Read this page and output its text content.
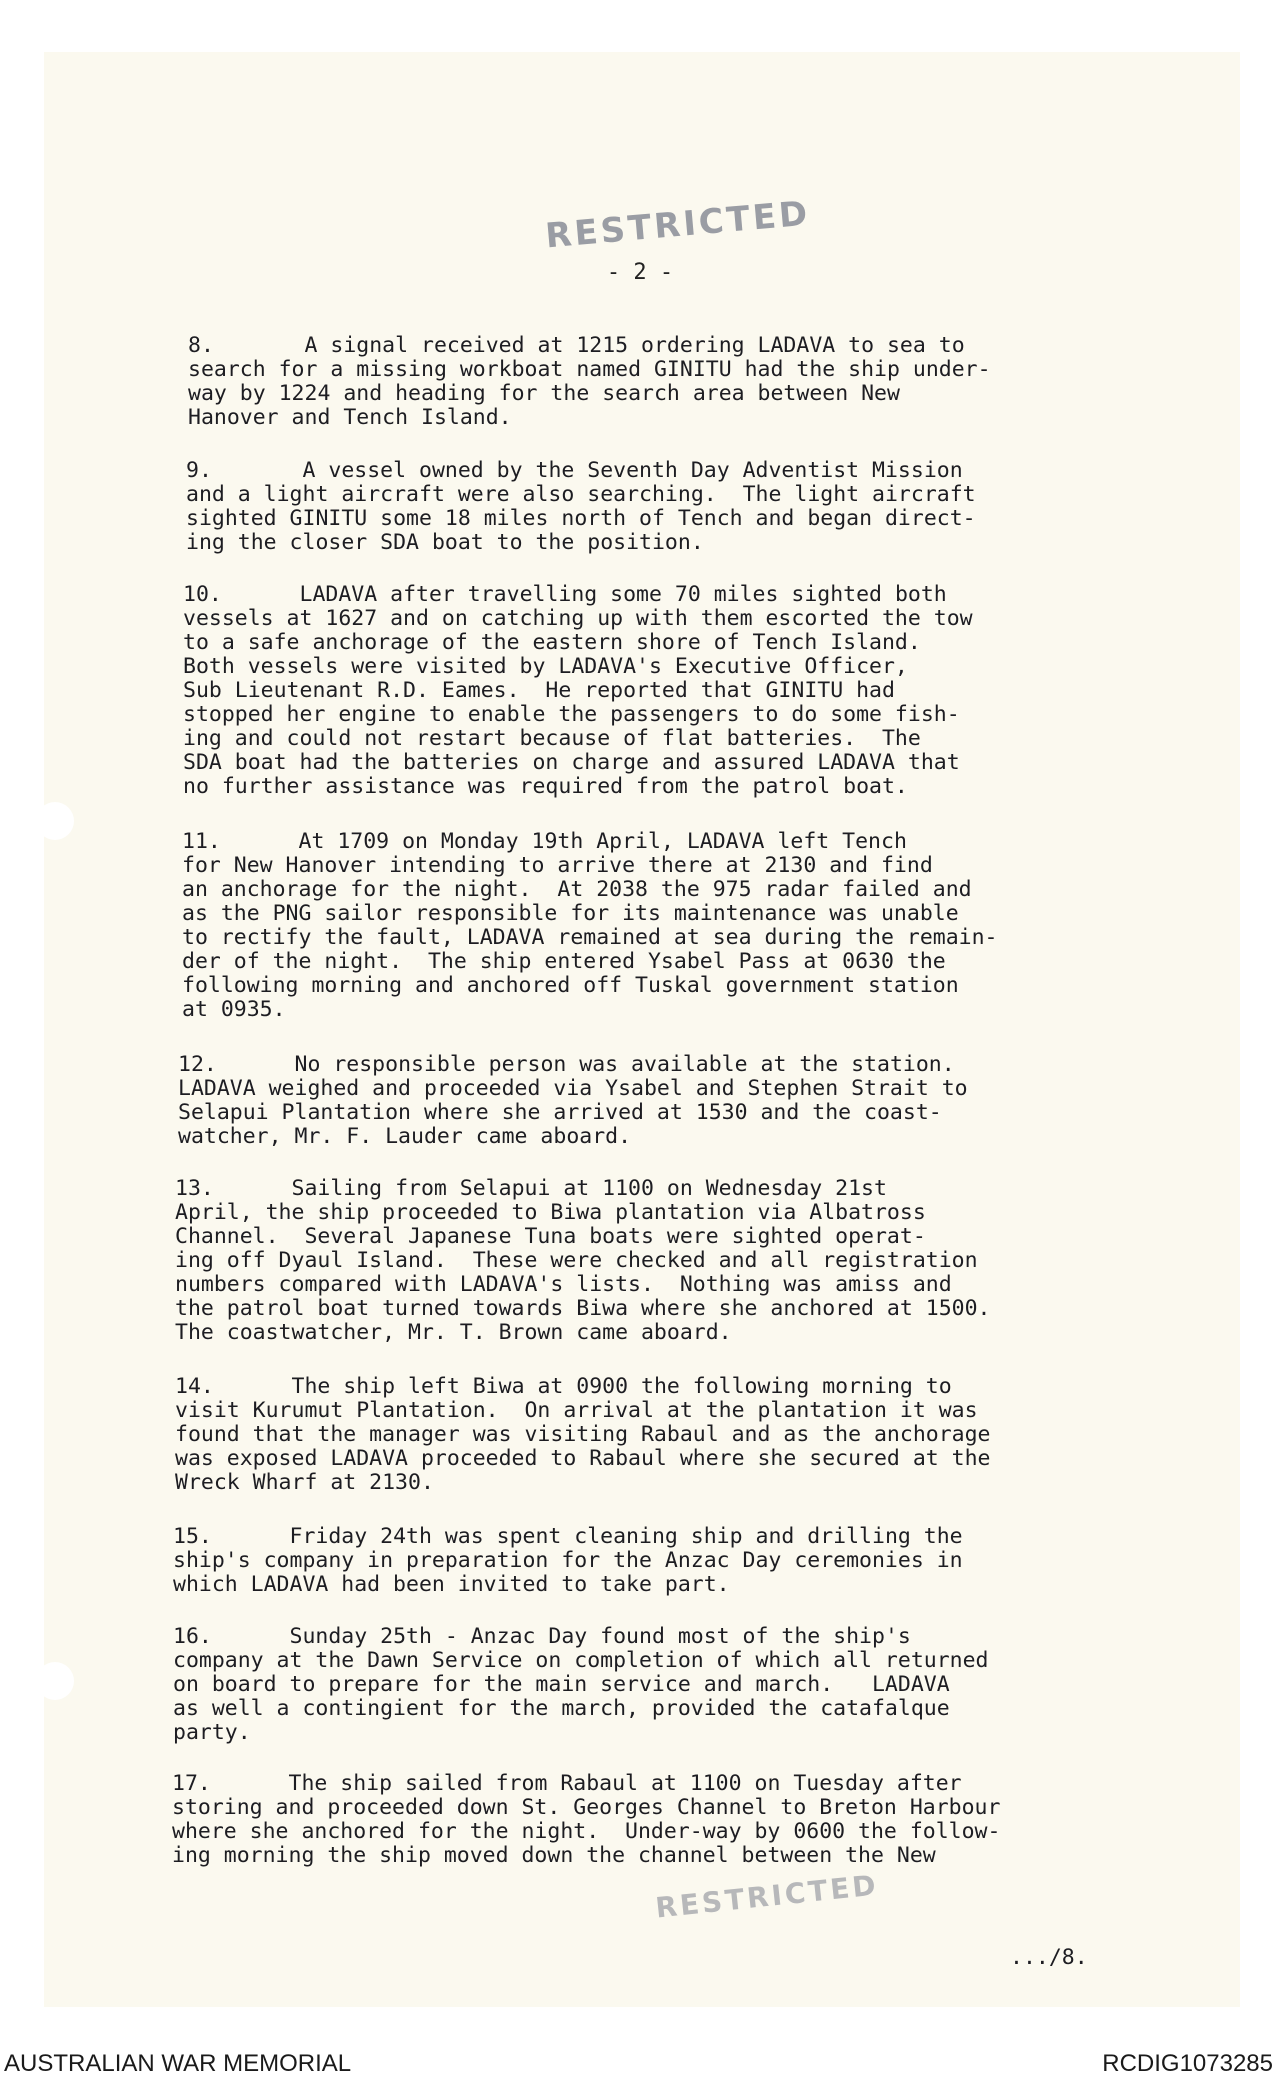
RESTRICTED
- 2 -
8.	A signal received at 1215 ordering LADAVA to sea to
search for a missing workboat named GINITU had the ship under-
way by 1224 and heading for the search area between New
Hanover and Tench Island.
9.	A vessel owned by the Seventh Day Adventist Mission
and a light aircraft were also searching.  The light aircraft
sighted GINITU some 18 miles north of Tench and began direct-
ing the closer SDA boat to the position.
10.	LADAVA after travelling some 70 miles sighted both
vessels at 1627 and on catching up with them escorted the tow
to a safe anchorage of the eastern shore of Tench Island.
Both vessels were visited by LADAVA's Executive Officer,
Sub Lieutenant R.D. Eames.  He reported that GINITU had
stopped her engine to enable the passengers to do some fish-
ing and could not restart because of flat batteries.  The
SDA boat had the batteries on charge and assured LADAVA that
no further assistance was required from the patrol boat.
11.	At 1709 on Monday 19th April, LADAVA left Tench
for New Hanover intending to arrive there at 2130 and find
an anchorage for the night.  At 2038 the 975 radar failed and
as the PNG sailor responsible for its maintenance was unable
to rectify the fault, LADAVA remained at sea during the remain-
der of the night.  The ship entered Ysabel Pass at 0630 the
following morning and anchored off Tuskal government station
at 0935.
12.	No responsible person was available at the station.
LADAVA weighed and proceeded via Ysabel and Stephen Strait to
Selapui Plantation where she arrived at 1530 and the coast-
watcher, Mr. F. Lauder came aboard.
13.	Sailing from Selapui at 1100 on Wednesday 21st
April, the ship proceeded to Biwa plantation via Albatross
Channel.  Several Japanese Tuna boats were sighted operat-
ing off Dyaul Island.  These were checked and all registration
numbers compared with LADAVA's lists.  Nothing was amiss and
the patrol boat turned towards Biwa where she anchored at 1500.
The coastwatcher, Mr. T. Brown came aboard.
14.	The ship left Biwa at 0900 the following morning to
visit Kurumut Plantation.  On arrival at the plantation it was
found that the manager was visiting Rabaul and as the anchorage
was exposed LADAVA proceeded to Rabaul where she secured at the
Wreck Wharf at 2130.
15.	Friday 24th was spent cleaning ship and drilling the
ship's company in preparation for the Anzac Day ceremonies in
which LADAVA had been invited to take part.
16.	Sunday 25th - Anzac Day found most of the ship's
company at the Dawn Service on completion of which all returned
on board to prepare for the main service and march.   LADAVA
as well a contingient for the march, provided the catafalque
party.
17.	The ship sailed from Rabaul at 1100 on Tuesday after
storing and proceeded down St. Georges Channel to Breton Harbour
where she anchored for the night.  Under-way by 0600 the follow-
ing morning the ship moved down the channel between the New
RESTRICTED
.../8.
AUSTRALIAN WAR MEMORIAL	RCDIG1073285
